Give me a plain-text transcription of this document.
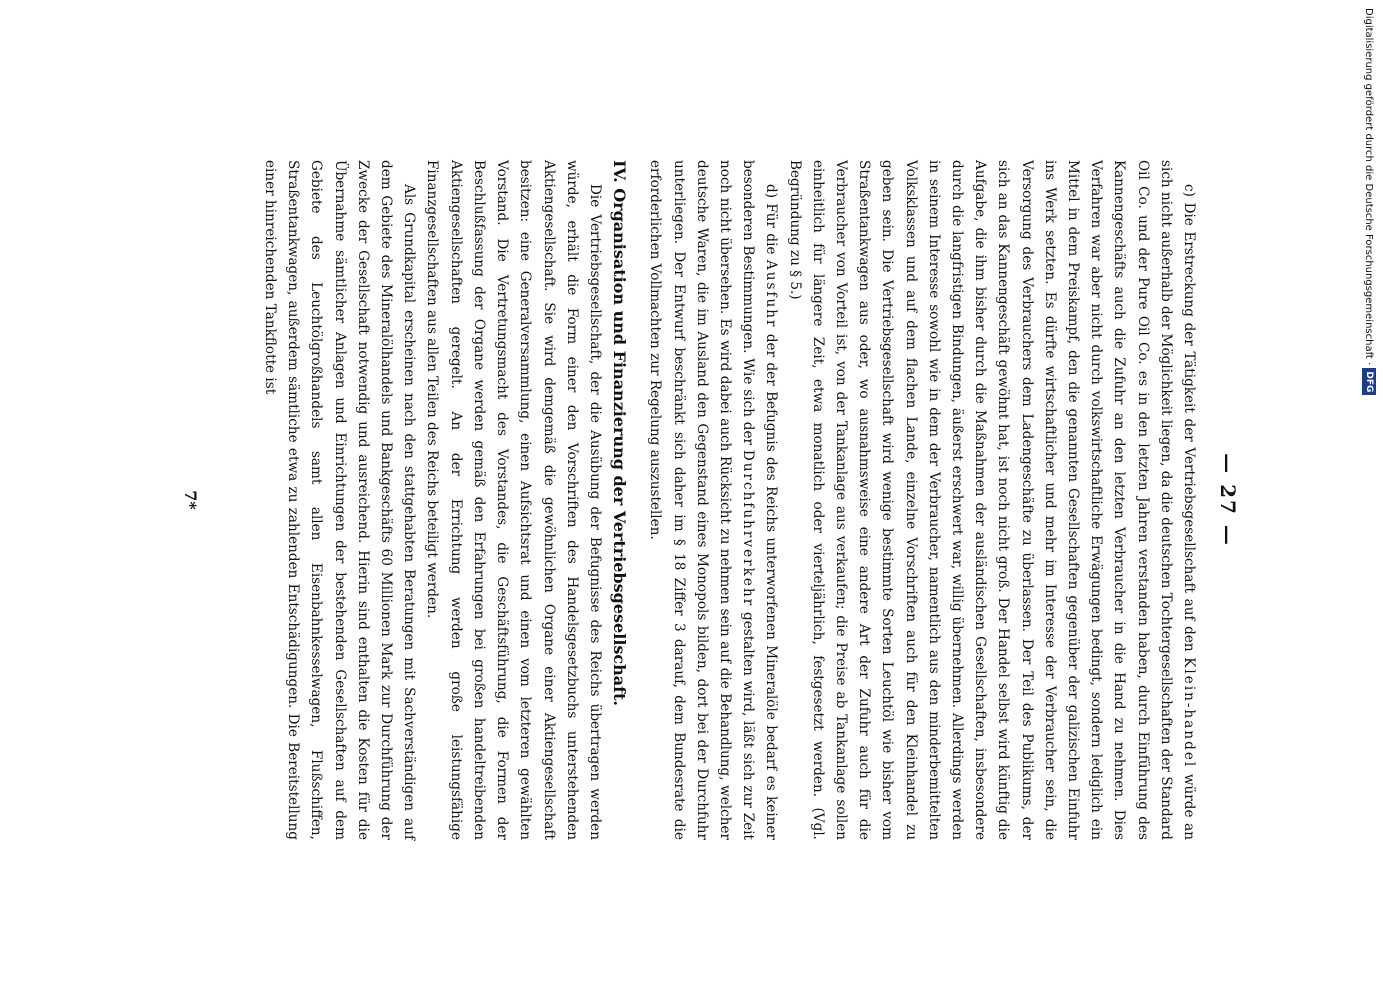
— 27 —

c) Die Erstreckung der Tätigkeit der Vertriebsgesellschaft auf den Klein-handel würde an sich nicht außerhalb der Möglichkeit liegen, da die deutschen Tochtergesellschaften der Standard Oil Co. und der Pure Oil Co. es in den letzten Jahren verstanden haben, durch Einführung des Kannengeschäfts auch die Zufuhr an den letzten Verbraucher in die Hand zu nehmen. Dies Verfahren war aber nicht durch volkswirtschaftliche Erwägungen bedingt, sondern lediglich ein Mittel in dem Preiskampf, den die genannten Gesellschaften gegenüber der galizischen Einfuhr ins Werk setzten. Es dürfte wirtschaftlicher und mehr im Interesse der Verbraucher sein, die Versorgung des Verbrauchers dem Ladengeschäfte zu überlassen. Der Teil des Publikums, der sich an das Kannengeschäft gewöhnt hat, ist noch nicht groß. Der Handel selbst wird künftig die Aufgabe, die ihm bisher durch die Maßnahmen der ausländischen Gesellschaften, insbesondere durch die langfristigen Bindungen, äußerst erschwert war, willig übernehmen. Allerdings werden in seinem Interesse sowohl wie in dem der Verbraucher, namentlich aus den minderbemittelten Volksklassen und auf dem flachen Lande, einzelne Vorschriften auch für den Kleinhandel zu geben sein. Die Vertriebsgesellschaft wird wenige bestimmte Sorten Leuchtöl wie bisher vom Straßentankwagen aus oder, wo ausnahmsweise eine andere Art der Zufuhr auch für die Verbraucher von Vorteil ist, von der Tankanlage aus verkaufen; die Preise ab Tankanlage sollen einheitlich für längere Zeit, etwa monatlich oder vierteljährlich, festgesetzt werden. (Vgl. Begründung zu § 5.)

d) Für die Ausfuhr der der Befugnis des Reichs unterworfenen Mineralöle bedarf es keiner besonderen Bestimmungen. Wie sich der Durchfuhrverkehr gestalten wird, läßt sich zur Zeit noch nicht übersehen. Es wird dabei auch Rücksicht zu nehmen sein auf die Behandlung, welcher deutsche Waren, die im Ausland den Gegenstand eines Monopols bilden, dort bei der Durchfuhr unterliegen. Der Entwurf beschränkt sich daher im § 18 Ziffer 3 darauf, dem Bundesrate die erforderlichen Vollmachten zur Regelung auszustellen.

IV. Organisation und Finanzierung der Vertriebsgesellschaft.

Die Vertriebsgesellschaft, der die Ausübung der Befugnisse des Reichs übertragen werden würde, erhält die Form einer den Vorschriften des Handelsgesetzbuchs unterstehenden Aktiengesellschaft. Sie wird demgemäß die gewöhnlichen Organe einer Aktiengesellschaft besitzen: eine Generalversammlung, einen Aufsichtsrat und einen vom letzteren gewählten Vorstand. Die Vertretungsmacht des Vorstandes, die Geschäftsführung, die Formen der Beschlußfassung der Organe werden gemäß den Erfahrungen bei großen handeltreibenden Aktiengesellschaften geregelt. An der Errichtung werden große leistungsfähige Finanzgesellschaften aus allen Teilen des Reichs beteiligt werden.

Als Grundkapital erscheinen nach den stattgehabten Beratungen mit Sachverständigen auf dem Gebiete des Mineralölhandels und Bankgeschäfts 60 Millionen Mark zur Durchführung der Zwecke der Gesellschaft notwendig und ausreichend. Hierin sind enthalten die Kosten für die Übernahme sämtlicher Anlagen und Einrichtungen der bestehenden Gesellschaften auf dem Gebiete des Leuchtölgroßhandels samt allen Eisenbahnkesselwagen, Flußschiffen, Straßentankwagen, außerdem sämtliche etwa zu zahlenden Entschädigungen. Die Bereitstellung einer hinreichenden Tankflotte ist

7*
Digitalisierung gefördert durch die Deutsche Forschungsgemeinschaft · DFG
